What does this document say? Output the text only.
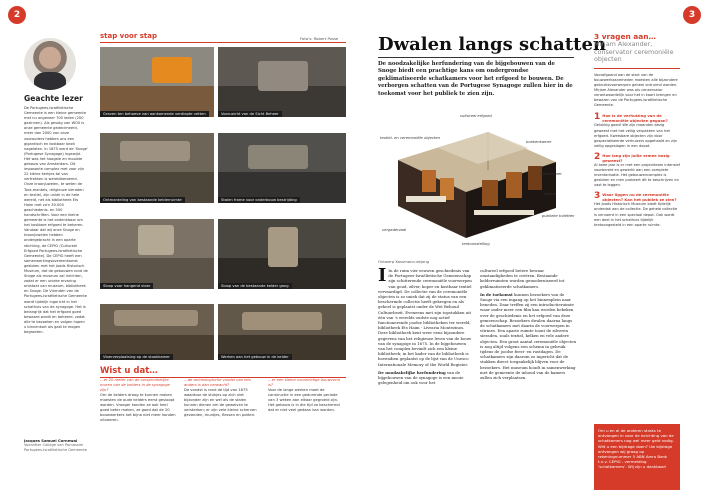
2
Geachte lezer
De Portugees-Israëlietische Gemeente is een kleine gemeente met nu ongeveer 700 leden (200 gezinnen). Als gevolg van WOII is onze gemeente gedecimeerd, meer dan 2000 van onze voorouders hebben ons een gigantisch en kostbaar bezit nagelaten. In 1675 werd de 'Snoge' (Portugese Synagoge) ingewijd. Het was het hoogste en mooiste gebouw van Amsterdam. Dit imposante complex met voor zijn 22 kleine kerkjes tal van vertrekken is wereldberoemd. Onze kroonjuwelen, te weten de Tora-mantels, religieuze sieraden en textiel, zijn uniek in de hele wereld, net als bibliotheek Ets Haim met zo'n 30.000 geschiedenis- en 500 handschriften. Voor een kleine gemeente is het ondenkbaar om het kostbare erfgoed te beheren. Vandaar dat wij onze Snoge en kroonjuwelen hebben ondergebracht in een aparte stichting, de CEPIG (Cultureel Erfgoed Portugees-Israëlietische Gemeente). De CEPIG heeft een samenwerkingsovereenkomst gesloten met het Joods Historisch Museum, dat de gebouwen rond de Snoge als museum zal inrichten, zodat er een unieke ervaring ontstaat van museum, bibliotheek en Snoge. De Vrienden van de Portugees-Israëlietische Gemeente wordt tijdelijk ingericht in het schathuis van de synagoge. Het is belangrijk dat het erfgoed goed bewaard wordt en beheerd, zodat alle te bezoeken en volgen hopen u binnenkort als gast te mogen begroeten.
Jacques Samuel Cornewal
Voorzitter College van Parnassim Portugees-Israëlietische Gemeente
stap voor stap	Foto's: Robert Posse
Graven ten behoeve van aankomende verdiepte vetten	Vooruzicht van de Sicht Beheer
Ontmanteling van bestaande kelderruimte	Stalen frame voor onderbouw bestrijding
Sloop voor hangend vloer	Sloop van de bestaande kelder gang
Vloerverplaatsing op de stookkamer	Werken aan het gebouw in de kelder
Wist u dat…
…er 20 meter van de oorspronkelijke muren van de kelders in de synagoge zijn?
Om de kelders droog te kunnen maken moesten de oude kelders eerst gesloopt worden. Vroeger konden ze ook heel goed beter maken, ze goed dat de 20 bouwwerkers het bijna niet meer konden uitvoeren.
…de archeologische vondst van iets anders is dan verwacht?
De vondst is rond de tijd van 1675 waardoor de stukjes op zich niet bijzonder zijn en wel als de stalen kunnen dienen om de gewelven te versterken; er zijn vele kleine scherven gevonden, muntjes, flessen en potten.
…er een kleine voorzichtige bouwvorm is?
Voor de lange werken moet de constructie in een gedurende periode van 3 weken aan elkaar gegroeid zijn. Het gebouw is in die tijd zo beschermd dat er niet veel gedaan kan worden.
3
Dwalen langs schatten
De noodzakelijke herfundering van de bijgebouwen van de Snoge biedt een prachtige kans om ondergrondse geklimatiseerde schatkamers voor het erfgoed te bouwen. De verborgen schatten van de Portugese Synagoge zullen hier in de toekomst voor het publiek te zien zijn.
cultureel erfgoed
textiel- en ceremoniële objecten
boekenkamer
zilverkamer
vitrine
publieke toiletten
vergaderzaal
tentoonstelling
Ontwerp Kossmann.dejong
I In de ruim vier eeuwen geschiedenis van de Portugees-Israëlietische Gemeenschap zijn schitterende ceremoniële voorwerpen van goud, zilver, koper en kostbaar textiel vervaardigd. De collectie van de ceremoniële objecten is zo uniek dat zij de status van een beschermde collectie heeft gekregen en als geheel is geplaatst onder de Wet Behoud Cultuurbezit. Eveneens met zijn topstukken uit één van 's werelds oudste nog actief functionerende joodse bibliotheken ter wereld, bibliotheek Ets Haim - Livraria Montezinos. Deze bibliotheek kent weer eens bijzondere gegevens van het religieuze leven van de bouw van de synagoge in 1675. In de bijgebouwen van het complex bevindt zich een kleine bibliotheek; in het kader van de bibliotheek is bovendien geplaatst op de lijst van de Unesco Internationale Memory of the World Register.
De noodzakelijke herfundering van de bijgebouwen van de synagoge is een mooie gelegenheid om ook voor het
cultureel erfgoed betere bewaar omstandigheden te creëren. Bestaande kelderruimten worden gemoderniseerd tot geklimatiseerde schatkamers.
In de toekomst kunnen bezoekers van de Snoge via een ingang op het binnenplein naar beneden. Daar treffen zij een introductieruimte waar onder meer een film kan worden bekeken over de geschiedenis en het erfgoed van deze gemeenschap. Bezoekers dwalen daarna langs de schatkamers met daarin de voorwerpen in vitrines. Een aparte ruimte toont de zilveren sieraden, zoals textiel, kelken en vele andere objecten. Een groot aantal ceremoniële objecten is nog altijd volgens een schema in gebruik tijdens de joodse feest- en rustdagen. De schatkamers zijn daarom zo ingericht dat de stukken direct toegankelijk blijven voor de bezoekers. Het museum houdt in samenwerking met de gemeente de inhoud van de kamers zullen zich verplaatsen.
3 vragen aan…
Mirjam Alexander,
conservator ceremoniële objecten
Voorafgaand aan de start van de bouwwerkzaamheden moesten alle bijzondere gebruiksvoorwerpen geheel ontruimd worden. Mirjam Alexander was als conservator verantwoordelijk voor het in kaart brengen en bewaren van de Portugees-Israëlietische Gemeente.
1 Hoe is de verhuizing van de ceremoniële objecten gegaan?
Gelukkig goed! We zijn maanden bezig geweest met het veilig verpakken van het erfgoed. Kwetsbare objecten zijn door gespecialiseerde verhuizers opgehaald en zijn veilig opgeslagen in een depot.
2 Hoe lang zijn jullie ermee bezig geweest?
Al twee jaar is er met een projectteam intensief voorbereid en gewerkt aan een complete inventarisatie. Het gebouwencomplex is gesloten en men probeert dit te beschrijven en vast te leggen.
3 Waar liggen nu de ceremoniële objecten? Kan het publiek ze zien?
Het Joods Historisch Museum biedt tijdelijk onderdak aan de collectie. De gehele collectie is vervoerd in een speciaal depot. Ook wordt een deel in het schathuis tijdelijk tentoongesteld in een aparte ruimte.
Om u en al de anderen straks te ontvangen in voor de inrichting van de schatkamers nog wel meer geld nodig. Wilt u een bijdrage doen? Uw bijdrage ontvangen wij graag op rekeningnummer 5 ABN Amro Bank t.n.v. CEPIG - vermelding ‘schatkamers’. Wij zijn u dankbaar!
